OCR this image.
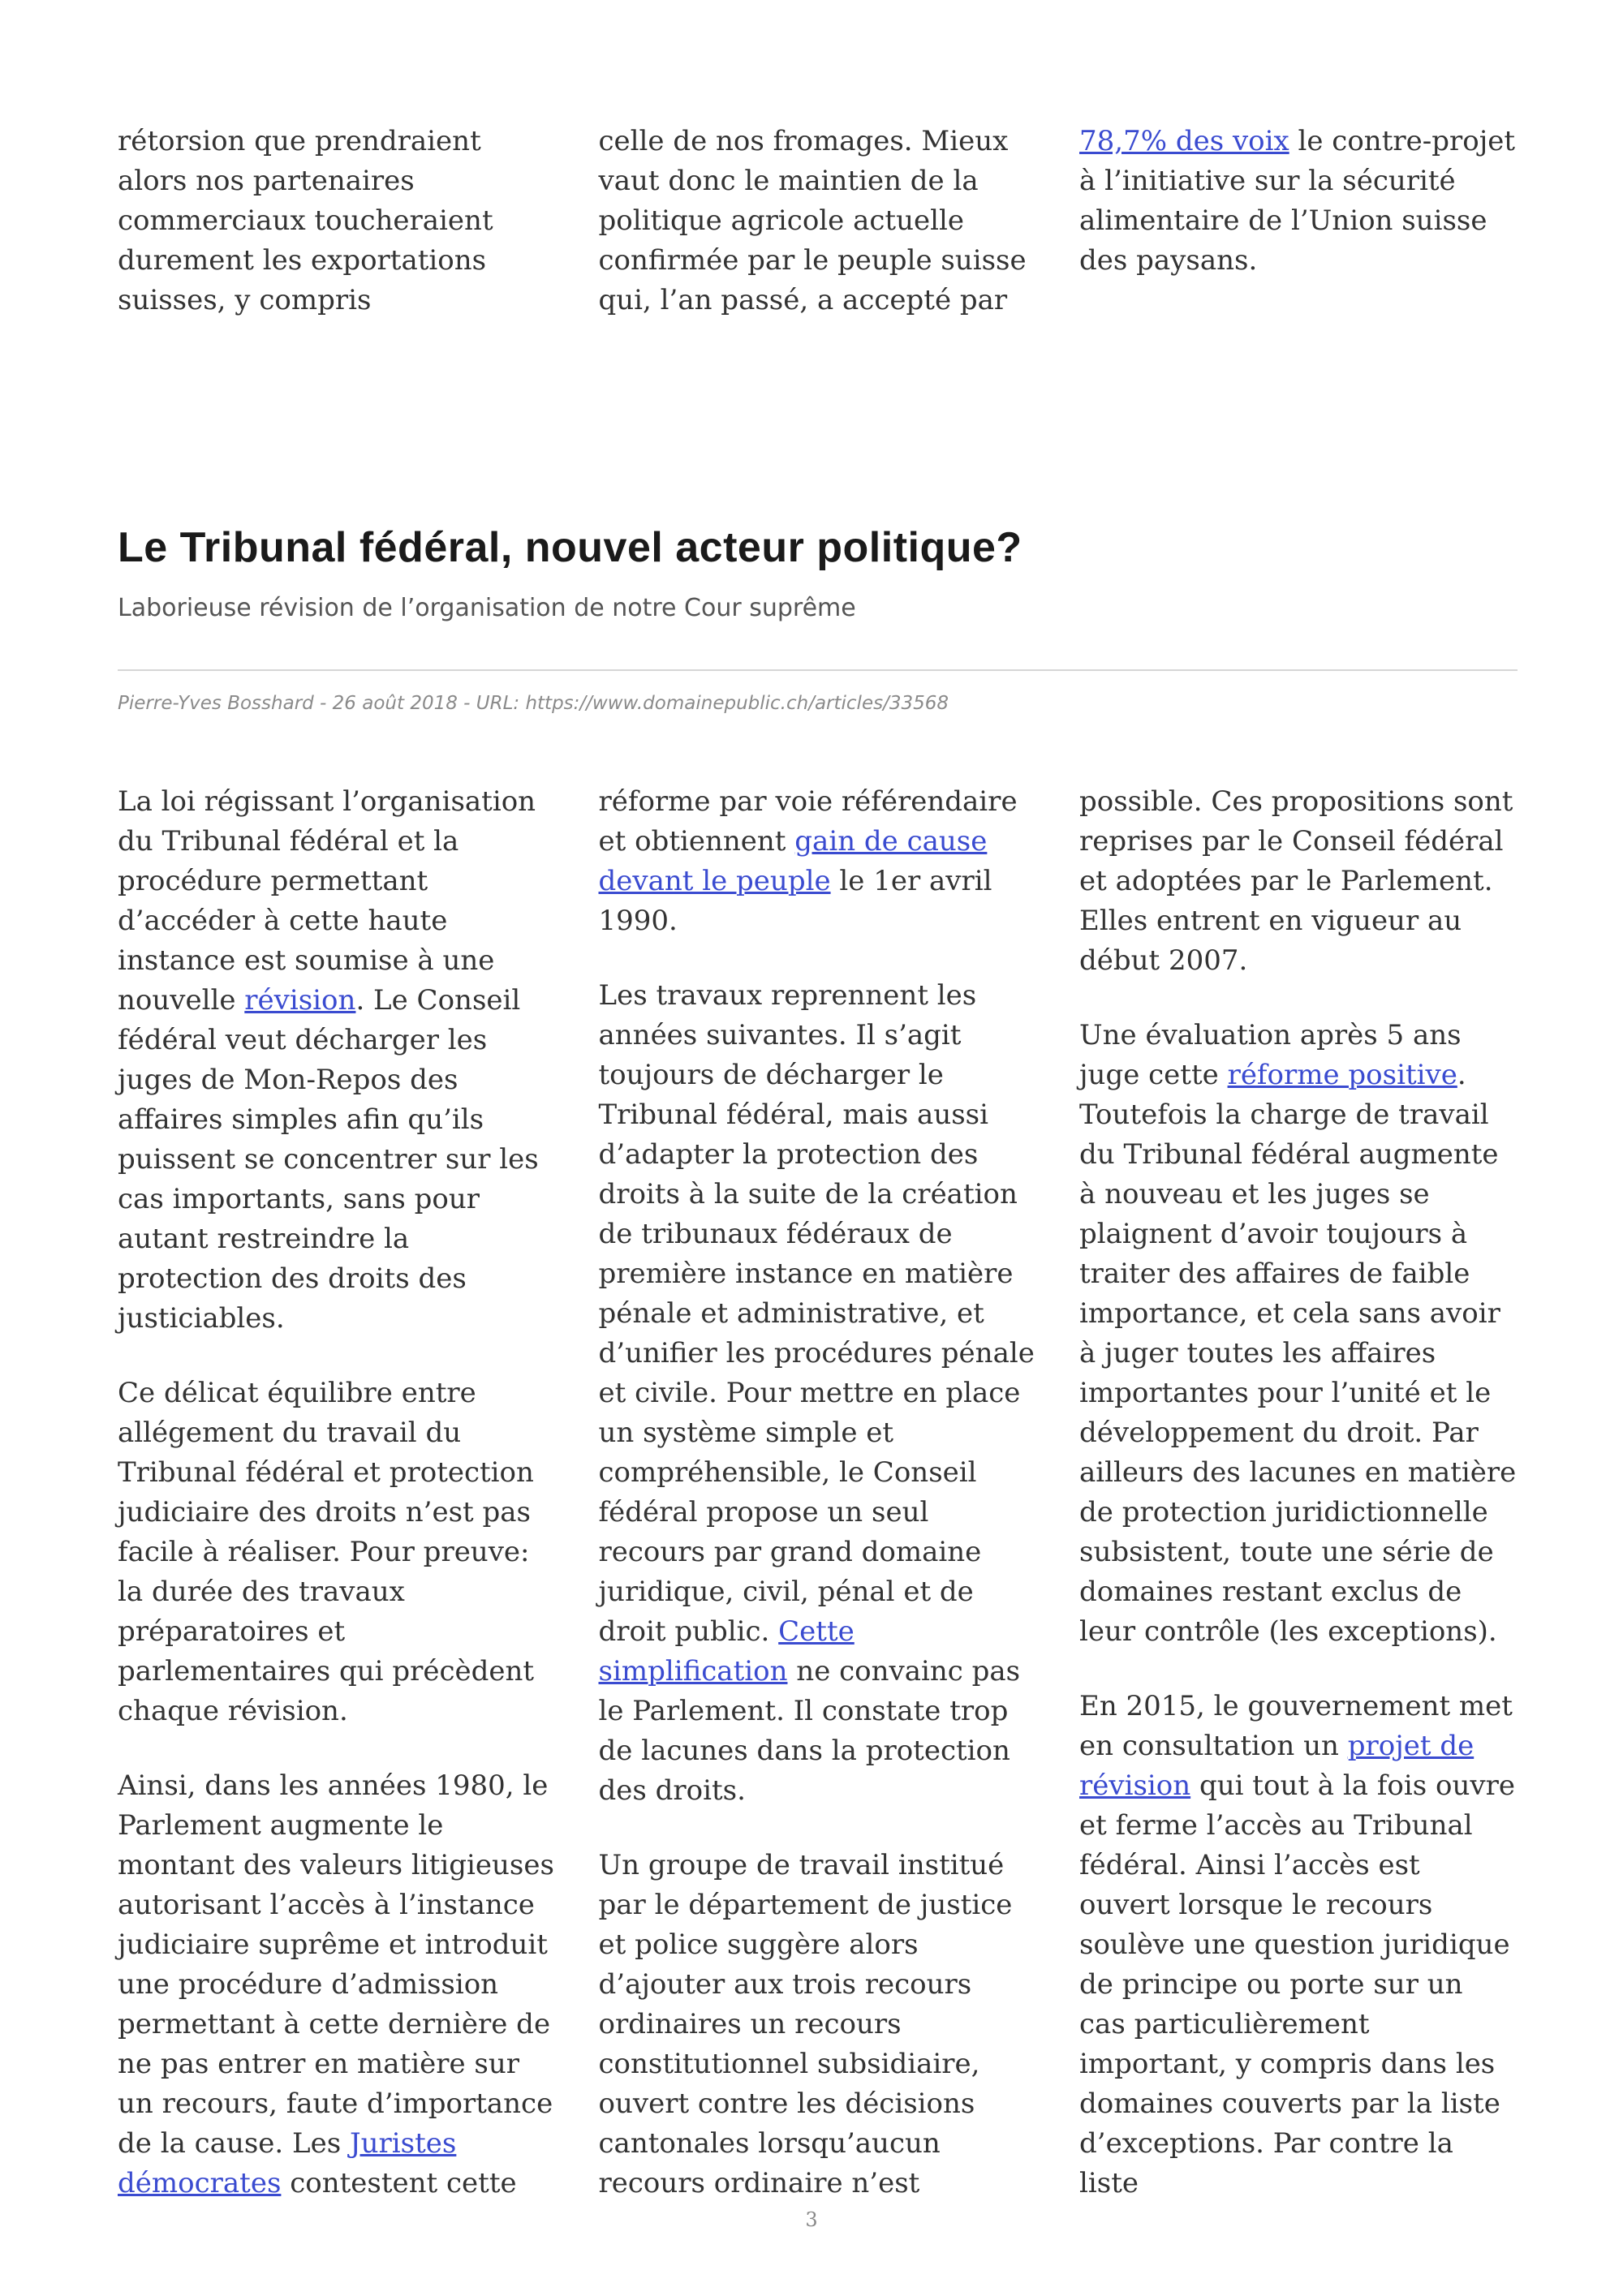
rétorsion que prendraient alors nos partenaires commerciaux toucheraient durement les exportations suisses, y compris

celle de nos fromages. Mieux vaut donc le maintien de la politique agricole actuelle confirmée par le peuple suisse qui, l’an passé, a accepté par

78,7% des voix le contre-projet à l’initiative sur la sécurité alimentaire de l’Union suisse des paysans.

Le Tribunal fédéral, nouvel acteur politique?

Laborieuse révision de l’organisation de notre Cour suprême

Pierre-Yves Bosshard - 26 août 2018 - URL: https://www.domainepublic.ch/articles/33568

La loi régissant l’organisation du Tribunal fédéral et la procédure permettant d’accéder à cette haute instance est soumise à une nouvelle révision. Le Conseil fédéral veut décharger les juges de Mon-Repos des affaires simples afin qu’ils puissent se concentrer sur les cas importants, sans pour autant restreindre la protection des droits des justiciables.

Ce délicat équilibre entre allégement du travail du Tribunal fédéral et protection judiciaire des droits n’est pas facile à réaliser. Pour preuve: la durée des travaux préparatoires et parlementaires qui précèdent chaque révision.

Ainsi, dans les années 1980, le Parlement augmente le montant des valeurs litigieuses autorisant l’accès à l’instance judiciaire suprême et introduit une procédure d’admission permettant à cette dernière de ne pas entrer en matière sur un recours, faute d’importance de la cause. Les Juristes démocrates contestent cette

réforme par voie référendaire et obtiennent gain de cause devant le peuple le 1er avril 1990.

Les travaux reprennent les années suivantes. Il s’agit toujours de décharger le Tribunal fédéral, mais aussi d’adapter la protection des droits à la suite de la création de tribunaux fédéraux de première instance en matière pénale et administrative, et d’unifier les procédures pénale et civile. Pour mettre en place un système simple et compréhensible, le Conseil fédéral propose un seul recours par grand domaine juridique, civil, pénal et de droit public. Cette simplification ne convainc pas le Parlement. Il constate trop de lacunes dans la protection des droits.

Un groupe de travail institué par le département de justice et police suggère alors d’ajouter aux trois recours ordinaires un recours constitutionnel subsidiaire, ouvert contre les décisions cantonales lorsqu’aucun recours ordinaire n’est

possible. Ces propositions sont reprises par le Conseil fédéral et adoptées par le Parlement. Elles entrent en vigueur au début 2007.

Une évaluation après 5 ans juge cette réforme positive. Toutefois la charge de travail du Tribunal fédéral augmente à nouveau et les juges se plaignent d’avoir toujours à traiter des affaires de faible importance, et cela sans avoir à juger toutes les affaires importantes pour l’unité et le développement du droit. Par ailleurs des lacunes en matière de protection juridictionnelle subsistent, toute une série de domaines restant exclus de leur contrôle (les exceptions).

En 2015, le gouvernement met en consultation un projet de révision qui tout à la fois ouvre et ferme l’accès au Tribunal fédéral. Ainsi l’accès est ouvert lorsque le recours soulève une question juridique de principe ou porte sur un cas particulièrement important, y compris dans les domaines couverts par la liste d’exceptions. Par contre la liste

3
